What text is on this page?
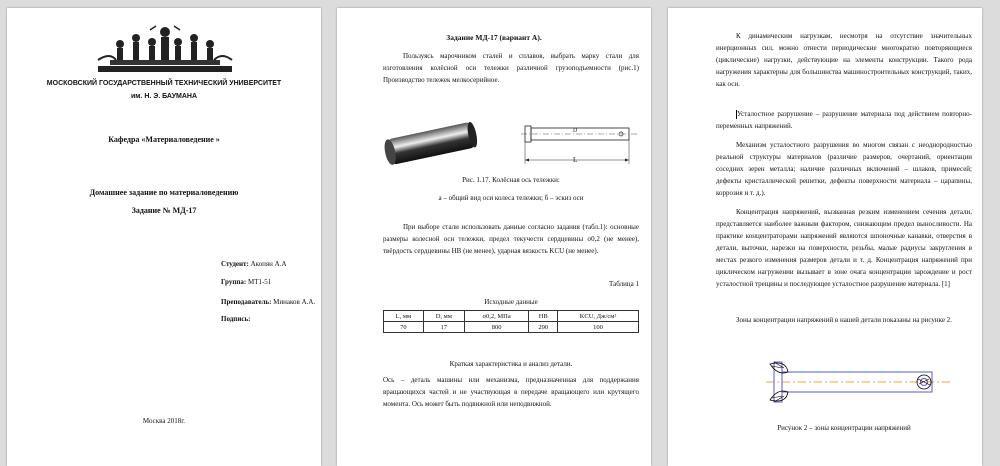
МОСКОВСКИЙ ГОСУДАРСТВЕННЫЙ ТЕХНИЧЕСКИЙ УНИВЕРСИТЕТ
им. Н. Э. БАУМАНА
Кафедра «Материаловедение »
Домашнее задание по материаловедению
Задание № МД-17
Студент: Акопян А.А
Группа: МТ1-51
Преподаватель: Минаков А.А.
Подпись:
Москва 2018г.
Задание МД-17 (вариант А).
Пользуясь марочником сталей и сплавов, выбрать марку стали для изготовления колёсной оси тележки различной грузоподъемности (рис.1) Производство тележек мелкосерийное.
D
L
Рис. 1.17. Колёсная ось тележки:
а – общий вид оси колеса тележки; б – эскиз оси
При выборе стали использовать данные согласно задания (табл.1): основные размеры колесной оси тележки, предел текучести сердцевины σ0,2 (не менее), твёрдость сердцевины НВ (не менее), ударная вязкость KCU (не менее).
Таблица 1
Исходные данные
L, мм	D, мм	σ0,2, МПа	НВ	KCU, Дж/см²
70	17	800	290	100
Краткая характеристика и анализ детали.
Ось – деталь машины или механизма, предназначенная для поддержания вращающихся частей и не участвующая в передаче вращающего или крутящего момента. Ось может быть подвижной или неподвижной.
К динамическим нагрузкам, несмотря на отсутствие значительных инерционных сил, можно отнести периодические многократно повторяющиеся (циклические) нагрузки, действующие на элементы конструкции. Такого рода нагружения характерны для большинства машиностроительных конструкций, таких, как оси.
Усталостное разрушение – разрушение материала под действием повторно-переменных напряжений.
Механизм усталостного разрушения во многом связан с неоднородностью реальной структуры материалов (различие размеров, очертаний, ориентации соседних зерен металла; наличие различных включений – шлаков, примесей; дефекты кристаллической решетки, дефекты поверхности материала – царапины, коррозия и т. д.).
Концентрация напряжений, вызванная резким изменением сечения детали, представляется наиболее важным фактором, снижающим предел выносливости. На практике концентраторами напряжений являются шпоночные канавки, отверстия в детали, выточки, нарезки на поверхности, резьбы, малые радиусы закругления в местах резкого изменения размеров детали и т. д. Концентрация напряжений при циклическом нагружении вызывает в зоне очага концентрации зарождение и рост усталостной трещины и последующее усталостное разрушение материала. [1]
Зоны концентрации напряжений в нашей детали показаны на рисунке 2.
Рисунок 2 – зоны концентрации напряжений
